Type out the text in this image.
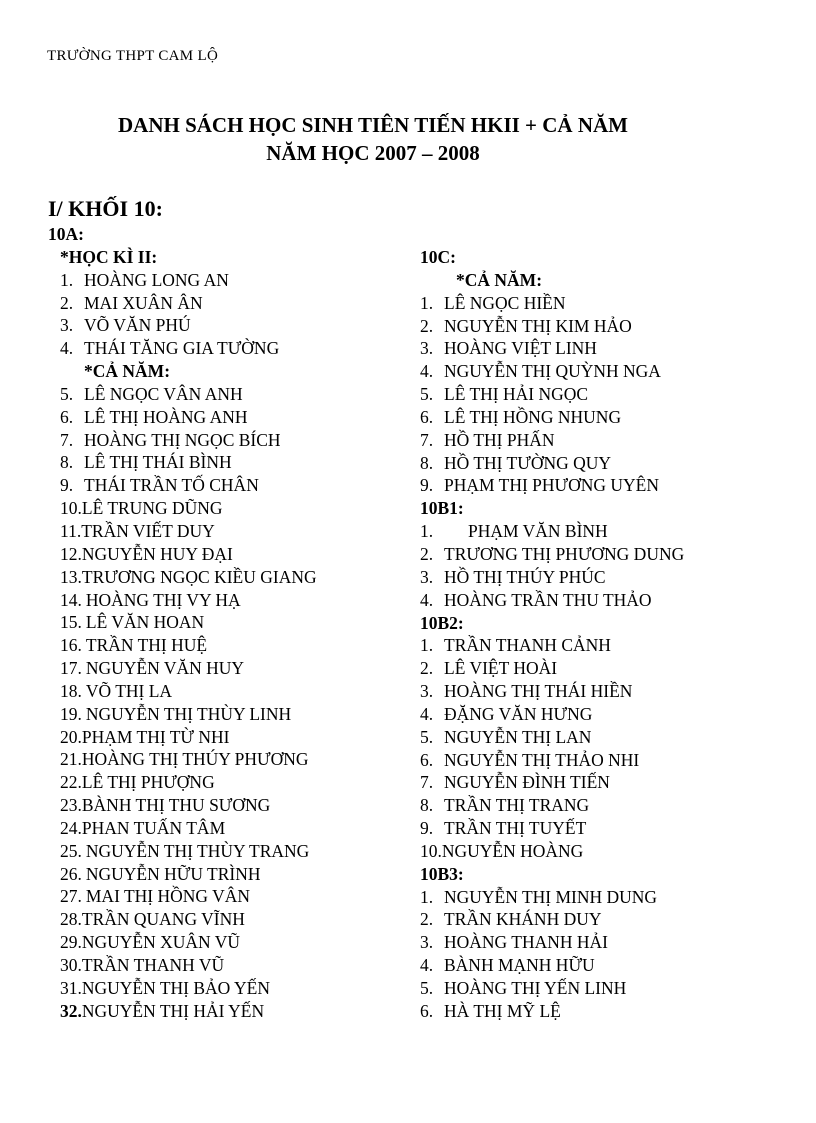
TRƯỜNG THPT CAM LỘ
DANH SÁCH HỌC SINH TIÊN TIẾN HKII + CẢ NĂM
NĂM HỌC 2007 – 2008
I/ KHỐI 10:
10A:
*HỌC KÌ II:
1. HOÀNG LONG AN
2. MAI XUÂN ÂN
3. VÕ VĂN PHÚ
4. THÁI TĂNG GIA TƯỜNG
*CẢ NĂM:
5. LÊ NGỌC VÂN ANH
6. LÊ THỊ HOÀNG ANH
7. HOÀNG THỊ NGỌC BÍCH
8. LÊ THỊ THÁI BÌNH
9. THÁI TRẦN TỐ CHÂN
10.LÊ TRUNG DŨNG
11.TRẦN VIẾT DUY
12.NGUYỄN HUY ĐẠI
13.TRƯƠNG NGỌC KIỀU GIANG
14. HOÀNG THỊ VY HẠ
15. LÊ VĂN HOAN
16. TRẦN THỊ HUỆ
17. NGUYỄN VĂN HUY
18. VÕ THỊ LA
19. NGUYỄN THỊ THÙY LINH
20.PHẠM THỊ TỪ NHI
21.HOÀNG THỊ THÚY PHƯƠNG
22.LÊ THỊ PHƯỢNG
23.BÀNH THỊ THU SƯƠNG
24.PHAN TUẤN TÂM
25. NGUYỄN THỊ THÙY TRANG
26. NGUYỄN HỮU TRÌNH
27. MAI THỊ HỒNG VÂN
28.TRẦN QUANG VĨNH
29.NGUYỄN XUÂN VŨ
30.TRẦN THANH VŨ
31.NGUYỄN THỊ BẢO YẾN
32.NGUYỄN THỊ HẢI YẾN
10C:
*CẢ NĂM:
1. LÊ NGỌC HIỀN
2. NGUYỄN THỊ KIM HẢO
3. HOÀNG VIỆT LINH
4. NGUYỄN THỊ QUỲNH NGA
5. LÊ THỊ HẢI NGỌC
6. LÊ THỊ HỒNG NHUNG
7. HỒ THỊ PHẤN
8. HỒ THỊ TƯỜNG QUY
9. PHẠM THỊ PHƯƠNG UYÊN
10B1:
1. PHẠM VĂN BÌNH
2. TRƯƠNG THỊ PHƯƠNG DUNG
3. HỒ THỊ THÚY PHÚC
4. HOÀNG TRẦN THU THẢO
10B2:
1. TRẦN THANH CẢNH
2. LÊ VIỆT HOÀI
3. HOÀNG THỊ THÁI HIỀN
4. ĐẶNG VĂN HƯNG
5. NGUYỄN THỊ LAN
6. NGUYỄN THỊ THẢO NHI
7. NGUYỄN ĐÌNH TIẾN
8. TRẦN THỊ TRANG
9. TRẦN THỊ TUYẾT
10.NGUYỄN HOÀNG
10B3:
1. NGUYỄN THỊ MINH DUNG
2. TRẦN KHÁNH DUY
3. HOÀNG THANH HẢI
4. BÀNH MẠNH HỮU
5. HOÀNG THỊ YẾN LINH
6. HÀ THỊ MỸ LỆ
